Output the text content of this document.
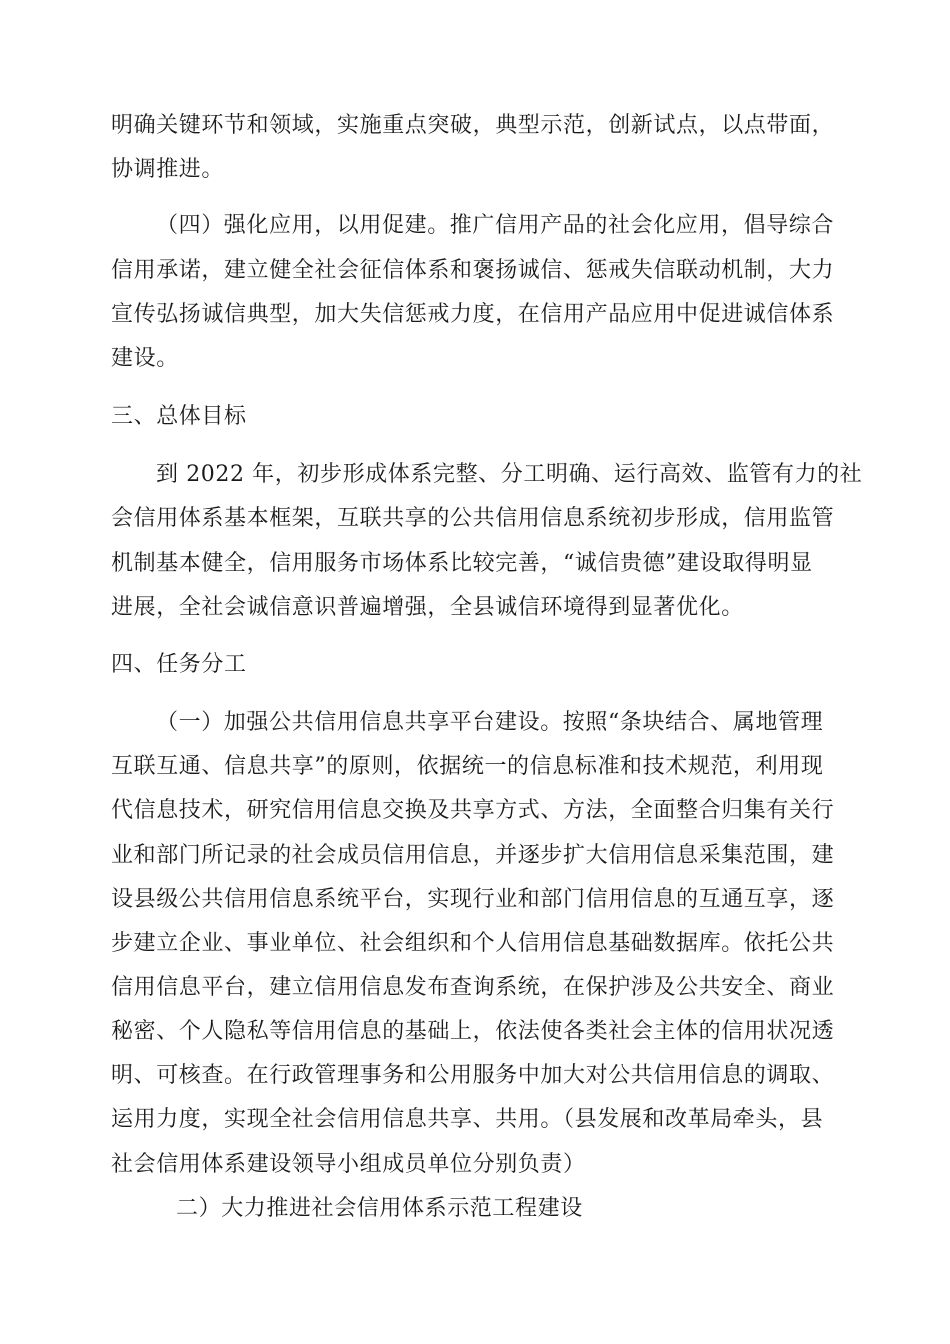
明确关键环节和领域，实施重点突破，典型示范，创新试点，以点带面，
协调推进。
（四）强化应用，以用促建。推广信用产品的社会化应用，倡导综合
信用承诺，建立健全社会征信体系和褒扬诚信、惩戒失信联动机制，大力
宣传弘扬诚信典型，加大失信惩戒力度，在信用产品应用中促进诚信体系
建设。
三、总体目标
到 2022 年，初步形成体系完整、分工明确、运行高效、监管有力的社
会信用体系基本框架，互联共享的公共信用信息系统初步形成，信用监管
机制基本健全，信用服务市场体系比较完善，“诚信贵德”建设取得明显
进展，全社会诚信意识普遍增强，全县诚信环境得到显著优化。
四、任务分工
（一）加强公共信用信息共享平台建设。按照“条块结合、属地管理
互联互通、信息共享”的原则，依据统一的信息标准和技术规范，利用现
代信息技术，研究信用信息交换及共享方式、方法，全面整合归集有关行
业和部门所记录的社会成员信用信息，并逐步扩大信用信息采集范围，建
设县级公共信用信息系统平台，实现行业和部门信用信息的互通互享，逐
步建立企业、事业单位、社会组织和个人信用信息基础数据库。依托公共
信用信息平台，建立信用信息发布查询系统，在保护涉及公共安全、商业
秘密、个人隐私等信用信息的基础上，依法使各类社会主体的信用状况透
明、可核查。在行政管理事务和公用服务中加大对公共信用信息的调取、
运用力度，实现全社会信用信息共享、共用。（县发展和改革局牵头，县
社会信用体系建设领导小组成员单位分别负责）
二）大力推进社会信用体系示范工程建设
